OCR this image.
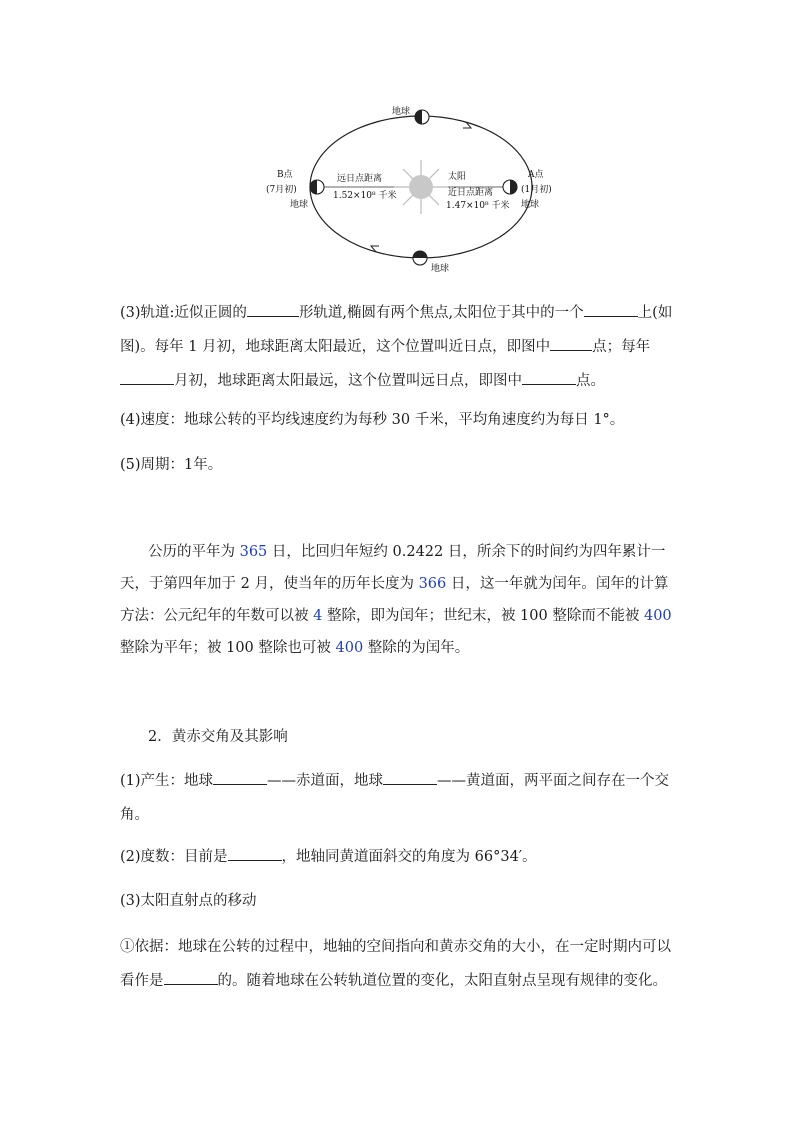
地球
地球
B点
(7月初)
地球
A点
(1月初)
地球
远日点距离
1.52×10⁸ 千米
太阳
近日点距离
1.47×10⁸ 千米

(3)轨道:近似正圆的	形轨道,椭圆有两个焦点,太阳位于其中的一个	上(如图)。每年 1 月初，地球距离太阳最近，这个位置叫近日点，即图中	点；每年月初，地球距离太阳最远，这个位置叫远日点，即图中	点。

(4)速度：地球公转的平均线速度约为每秒 30 千米，平均角速度约为每日 1°。

(5)周期：1年。

公历的平年为 365 日，比回归年短约 0.2422 日，所余下的时间约为四年累计一天，于第四年加于 2 月，使当年的历年长度为 366 日，这一年就为闰年。闰年的计算方法：公元纪年的年数可以被 4 整除，即为闰年；世纪末，被 100 整除而不能被 400 整除为平年；被 100 整除也可被 400 整除的为闰年。

2．黄赤交角及其影响

(1)产生：地球	——赤道面，地球	——黄道面，两平面之间存在一个交角。

(2)度数：目前是	，地轴同黄道面斜交的角度为 66°34′。

(3)太阳直射点的移动

①依据：地球在公转的过程中，地轴的空间指向和黄赤交角的大小，在一定时期内可以看作是	的。随着地球在公转轨道位置的变化，太阳直射点呈现有规律的变化。
